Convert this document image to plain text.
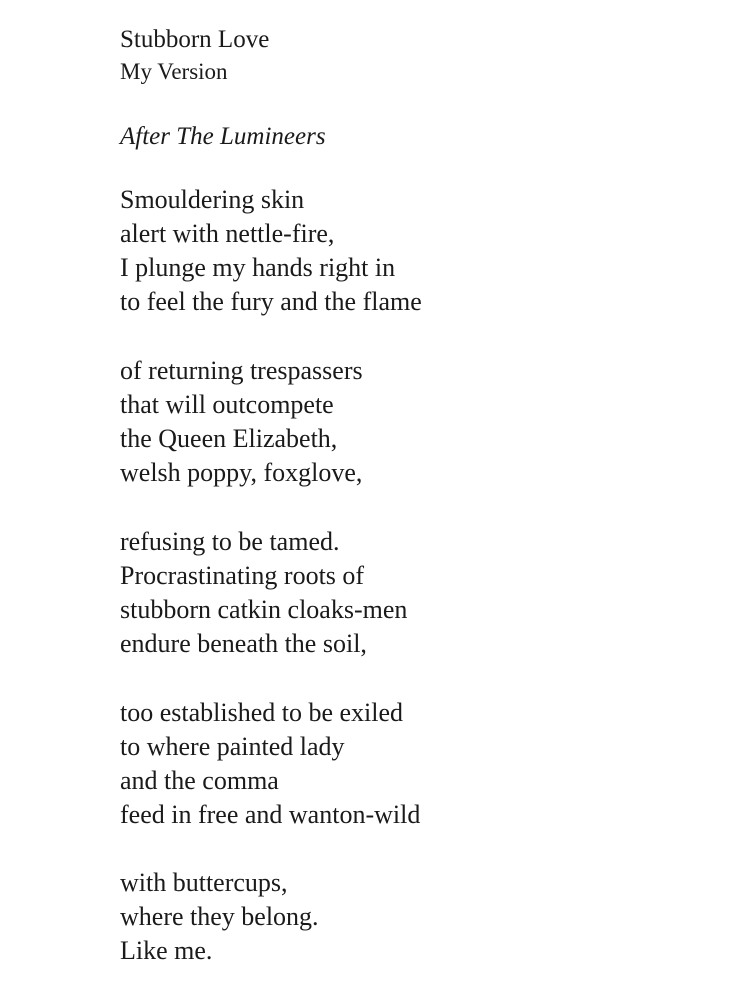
Stubborn Love
My Version
After The Lumineers
Smouldering skin
alert with nettle-fire,
I plunge my hands right in
to feel the fury and the flame
of returning trespassers
that will outcompete
the Queen Elizabeth,
welsh poppy, foxglove,
refusing to be tamed.
Procrastinating roots of
stubborn catkin cloaks-men
endure beneath the soil,
too established to be exiled
to where painted lady
and the comma
feed in free and wanton-wild
with buttercups,
where they belong.
Like me.
